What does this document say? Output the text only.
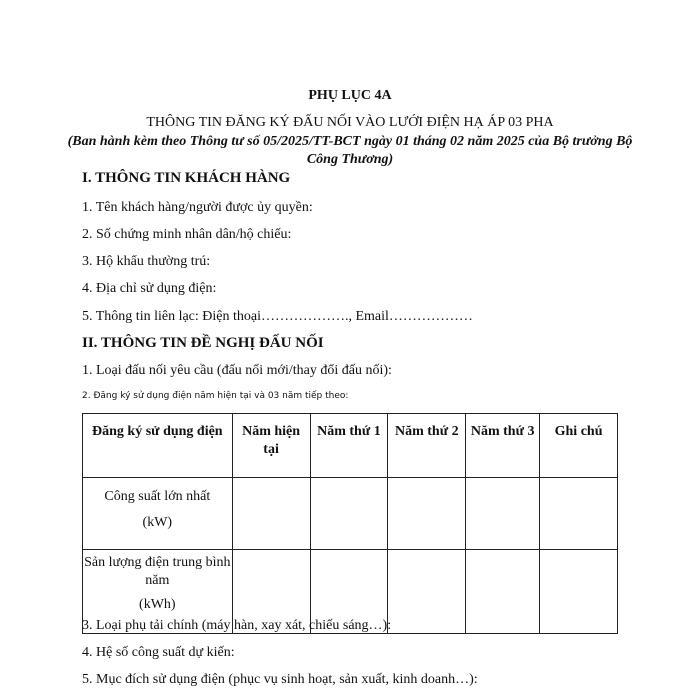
PHỤ LỤC 4A
THÔNG TIN ĐĂNG KÝ ĐẤU NỐI VÀO LƯỚI ĐIỆN HẠ ÁP 03 PHA
(Ban hành kèm theo Thông tư số 05/2025/TT-BCT ngày 01 tháng 02 năm 2025 của Bộ trưởng Bộ Công Thương)
I. THÔNG TIN KHÁCH HÀNG
1. Tên khách hàng/người được ủy quyền:
2. Số chứng minh nhân dân/hộ chiếu:
3. Hộ khẩu thường trú:
4. Địa chỉ sử dụng điện:
5. Thông tin liên lạc: Điện thoại………………., Email………………
II. THÔNG TIN ĐỀ NGHỊ ĐẤU NỐI
1. Loại đấu nối yêu cầu (đấu nối mới/thay đổi đấu nối):
2. Đăng ký sử dụng điện năm hiện tại và 03 năm tiếp theo:
Đăng ký sử dụng điện	Năm hiện tại	Năm thứ 1	Năm thứ 2	Năm thứ 3	Ghi chú

Công suất lớn nhất
(kW)					

Sản lượng điện trung bình năm
(kWh)					

3. Loại phụ tải chính (máy hàn, xay xát, chiếu sáng…):
4. Hệ số công suất dự kiến:
5. Mục đích sử dụng điện (phục vụ sinh hoạt, sản xuất, kinh doanh…):
